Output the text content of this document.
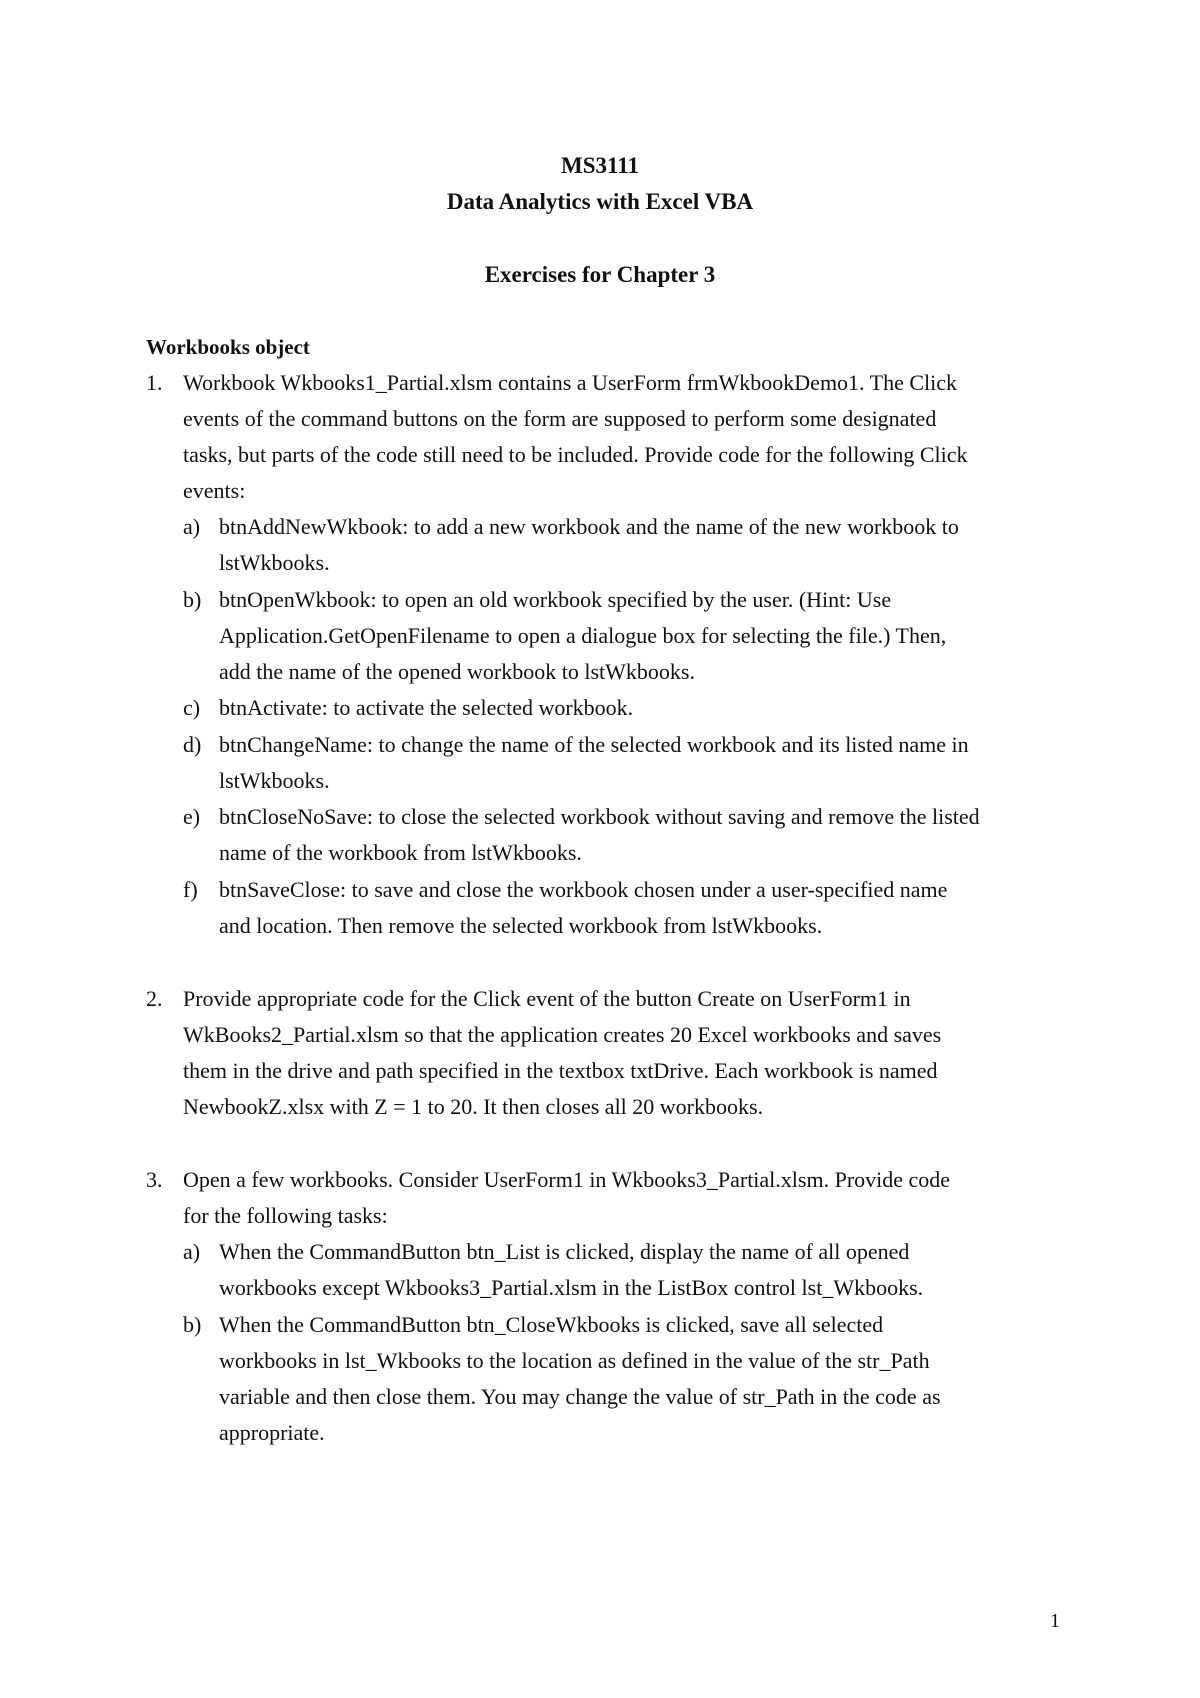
MS3111
Data Analytics with Excel VBA
Exercises for Chapter 3
Workbooks object
1. Workbook Wkbooks1_Partial.xlsm contains a UserForm frmWkbookDemo1. The Click
events of the command buttons on the form are supposed to perform some designated
tasks, but parts of the code still need to be included. Provide code for the following Click
events:
a) btnAddNewWkbook: to add a new workbook and the name of the new workbook to
lstWkbooks.
b) btnOpenWkbook: to open an old workbook specified by the user. (Hint: Use
Application.GetOpenFilename to open a dialogue box for selecting the file.) Then,
add the name of the opened workbook to lstWkbooks.
c) btnActivate: to activate the selected workbook.
d) btnChangeName: to change the name of the selected workbook and its listed name in
lstWkbooks.
e) btnCloseNoSave: to close the selected workbook without saving and remove the listed
name of the workbook from lstWkbooks.
f) btnSaveClose: to save and close the workbook chosen under a user-specified name
and location. Then remove the selected workbook from lstWkbooks.
2. Provide appropriate code for the Click event of the button Create on UserForm1 in
WkBooks2_Partial.xlsm so that the application creates 20 Excel workbooks and saves
them in the drive and path specified in the textbox txtDrive. Each workbook is named
NewbookZ.xlsx with Z = 1 to 20. It then closes all 20 workbooks.
3. Open a few workbooks. Consider UserForm1 in Wkbooks3_Partial.xlsm. Provide code
for the following tasks:
a) When the CommandButton btn_List is clicked, display the name of all opened
workbooks except Wkbooks3_Partial.xlsm in the ListBox control lst_Wkbooks.
b) When the CommandButton btn_CloseWkbooks is clicked, save all selected
workbooks in lst_Wkbooks to the location as defined in the value of the str_Path
variable and then close them. You may change the value of str_Path in the code as
appropriate.
1
